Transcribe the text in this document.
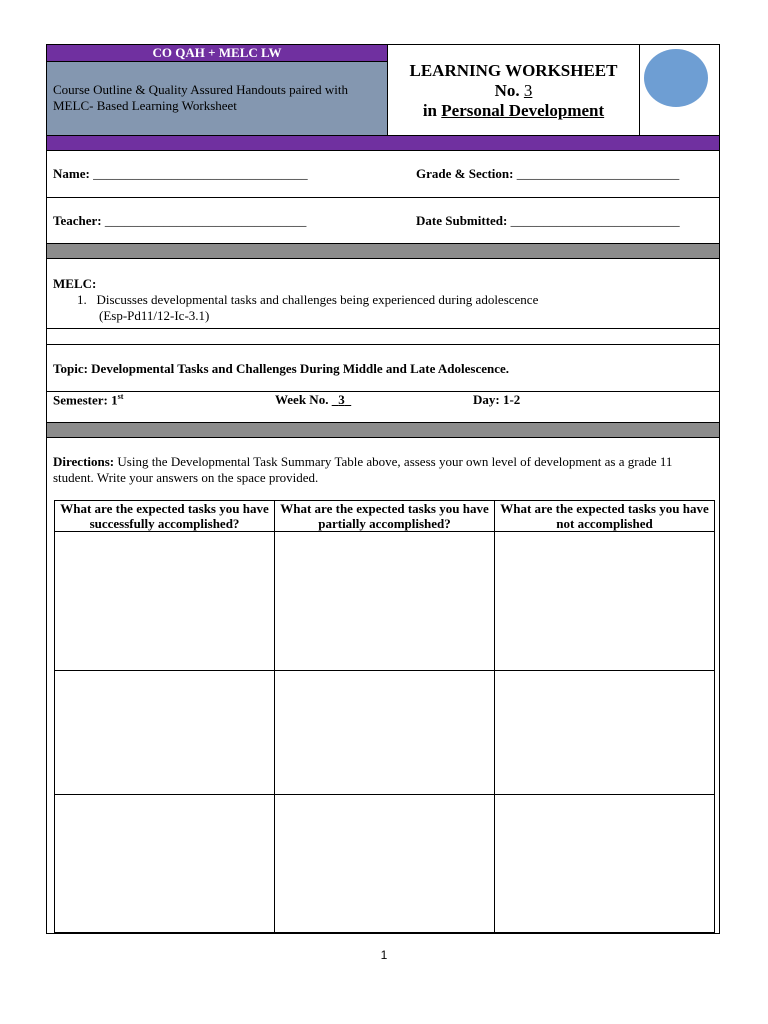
CO QAH + MELC LW
Course Outline & Quality Assured Handouts paired with MELC- Based Learning Worksheet
LEARNING WORKSHEET
No. 3
in Personal Development
Name: _________________________________	Grade & Section: _________________________
Teacher: _______________________________	Date Submitted: __________________________
MELC:
1. Discusses developmental tasks and challenges being experienced during adolescence
(Esp-Pd11/12-Ic-3.1)
Topic: Developmental Tasks and Challenges During Middle and Late Adolescence.
Semester: 1st	Week No. 3	Day: 1-2
Directions: Using the Developmental Task Summary Table above, assess your own level of development as a grade 11 student. Write your answers on the space provided.
What are the expected tasks you have successfully accomplished?	What are the expected tasks you have partially accomplished?	What are the expected tasks you have not accomplished

1
